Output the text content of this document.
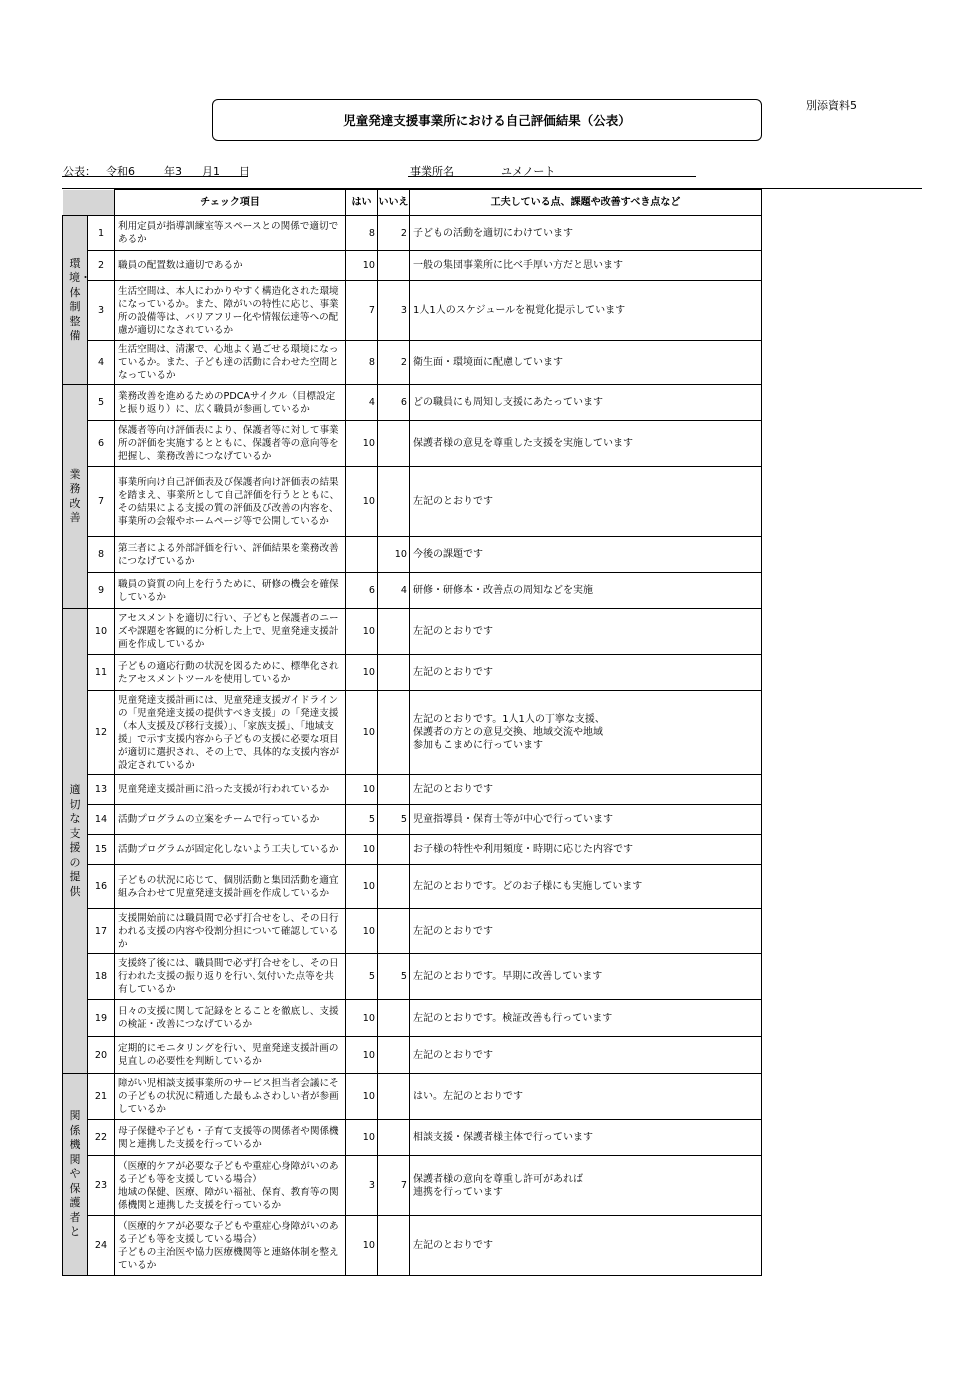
別添資料5
児童発達支援事業所における自己評価結果（公表）
公表： 令和6	年3 月1 日	事業所名	ユメノート
		チェック項目	はい	いいえ	工夫している点、課題や改善すべき点など
環境・体制整備	1	利用定員が指導訓練室等スペースとの関係で適切であるか	8	2	子どもの活動を適切にわけています
	2	職員の配置数は適切であるか	10		一般の集団事業所に比べ手厚い方だと思います
	3	生活空間は、本人にわかりやすく構造化された環境になっているか。また、障がいの特性に応じ、事業所の設備等は、バリアフリー化や情報伝達等への配慮が適切になされているか	7	3	1人1人のスケジュールを視覚化提示しています
	4	生活空間は、清潔で、心地よく過ごせる環境になっているか。また、子ども達の活動に合わせた空間となっているか	8	2	衛生面・環境面に配慮しています
業務改善	5	業務改善を進めるためのPDCAサイクル（目標設定と振り返り）に、広く職員が参画しているか	4	6	どの職員にも周知し支援にあたっています
	6	保護者等向け評価表により、保護者等に対して事業所の評価を実施するとともに、保護者等の意向等を把握し、業務改善につなげているか	10		保護者様の意見を尊重した支援を実施しています
	7	事業所向け自己評価表及び保護者向け評価表の結果を踏まえ、事業所として自己評価を行うとともに、その結果による支援の質の評価及び改善の内容を、事業所の会報やホームページ等で公開しているか	10		左記のとおりです
	8	第三者による外部評価を行い、評価結果を業務改善につなげているか		10	今後の課題です
	9	職員の資質の向上を行うために、研修の機会を確保しているか	6	4	研修・研修本・改善点の周知などを実施
適切な支援の提供	10	アセスメントを適切に行い、子どもと保護者のニーズや課題を客観的に分析した上で、児童発達支援計画を作成しているか	10		左記のとおりです
	11	子どもの適応行動の状況を図るために、標準化されたアセスメントツールを使用しているか	10		左記のとおりです
	12	児童発達支援計画には、児童発達支援ガイドラインの「児童発達支援の提供すべき支援」の「発達支援（本人支援及び移行支援）」、「家族支援」、「地域支援」で示す支援内容から子どもの支援に必要な項目が適切に選択され、その上で、具体的な支援内容が設定されているか	10		左記のとおりです。1人1人の丁寧な支援、
保護者の方との意見交換、地域交流や地域
参加もこまめに行っています
	13	児童発達支援計画に沿った支援が行われているか	10		左記のとおりです
	14	活動プログラムの立案をチームで行っているか	5	5	児童指導員・保育士等が中心で行っています
	15	活動プログラムが固定化しないよう工夫しているか	10		お子様の特性や利用頻度・時期に応じた内容です
	16	子どもの状況に応じて、個別活動と集団活動を適宜組み合わせて児童発達支援計画を作成しているか	10		左記のとおりです。どのお子様にも実施しています
	17	支援開始前には職員間で必ず打合せをし、その日行われる支援の内容や役割分担について確認しているか	10		左記のとおりです
	18	支援終了後には、職員間で必ず打合せをし、その日行われた支援の振り返りを行い､気付いた点等を共有しているか	5	5	左記のとおりです。早期に改善しています
	19	日々の支援に関して記録をとることを徹底し、支援の検証・改善につなげているか	10		左記のとおりです。検証改善も行っています
	20	定期的にモニタリングを行い、児童発達支援計画の見直しの必要性を判断しているか	10		左記のとおりです
関係機関や保護者と	21	障がい児相談支援事業所のサービス担当者会議にその子どもの状況に精通した最もふさわしい者が参画しているか	10		はい。左記のとおりです
	22	母子保健や子ども・子育て支援等の関係者や関係機関と連携した支援を行っているか	10		相談支援・保護者様主体で行っています
	23	（医療的ケアが必要な子どもや重症心身障がいのある子ども等を支援している場合）
地域の保健、医療、障がい福祉、保育、教育等の関係機関と連携した支援を行っているか	3	7	保護者様の意向を尊重し許可があれば
連携を行っています
	24	（医療的ケアが必要な子どもや重症心身障がいのある子ども等を支援している場合）
子どもの主治医や協力医療機関等と連絡体制を整えているか	10		左記のとおりです
